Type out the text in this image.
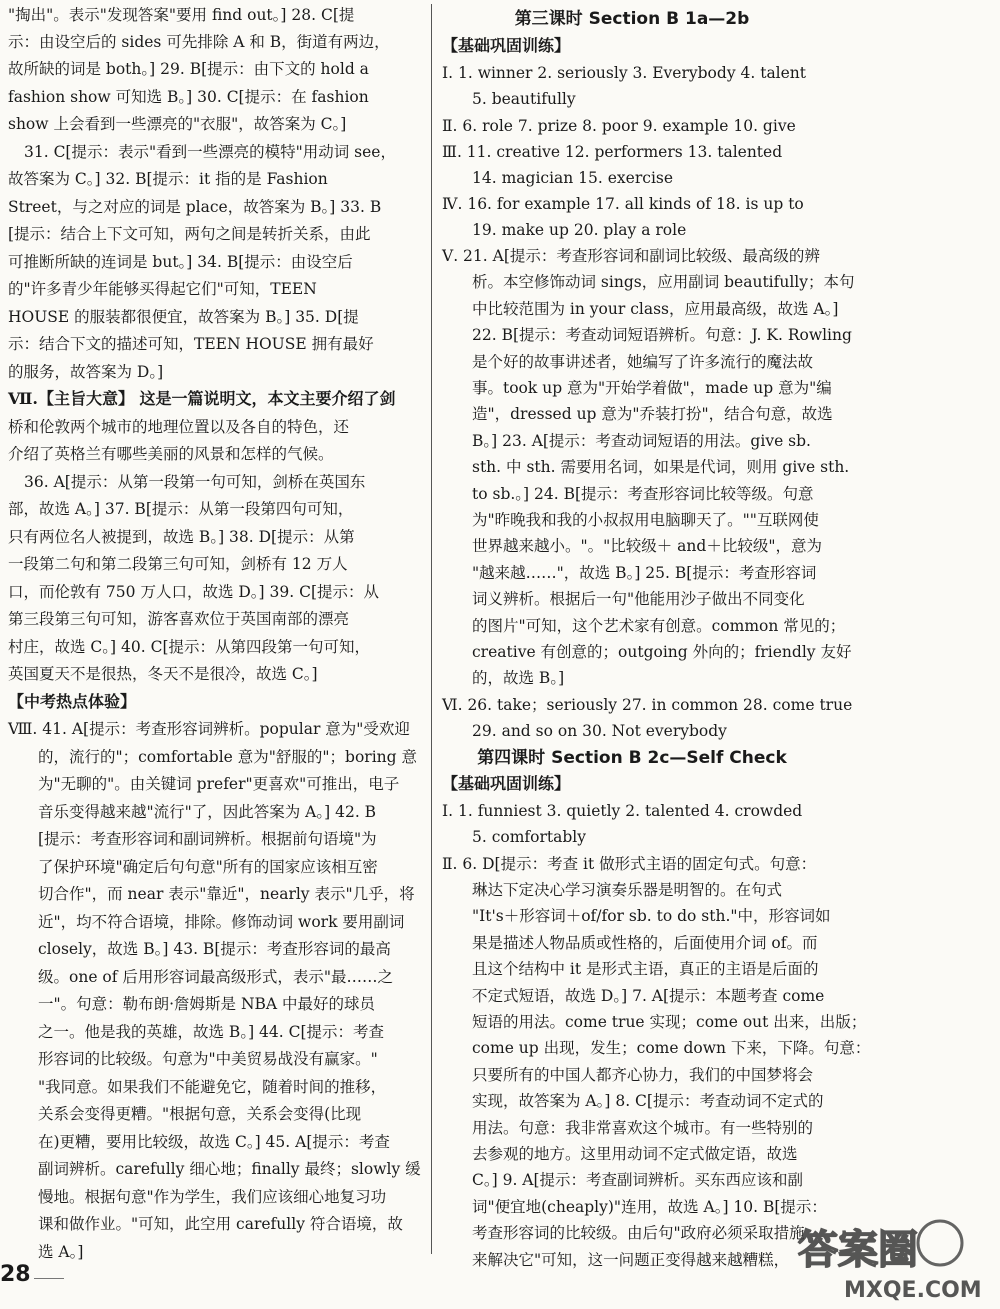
"掏出"。表示"发现答案"要用 find out。] 28. C[提
示：由设空后的 sides 可先排除 A 和 B，街道有两边，
故所缺的词是 both。] 29. B[提示：由下文的 hold a
fashion show 可知选 B。] 30. C[提示：在 fashion
show 上会看到一些漂亮的"衣服"，故答案为 C。]
31. C[提示：表示"看到一些漂亮的模特"用动词 see，
故答案为 C。] 32. B[提示：it 指的是 Fashion
Street，与之对应的词是 place，故答案为 B。] 33. B
[提示：结合上下文可知，两句之间是转折关系，由此
可推断所缺的连词是 but。] 34. B[提示：由设空后
的"许多青少年能够买得起它们"可知，TEEN
HOUSE 的服装都很便宜，故答案为 B。] 35. D[提
示：结合下文的描述可知，TEEN HOUSE 拥有最好
的服务，故答案为 D。]
Ⅶ.【主旨大意】 这是一篇说明文，本文主要介绍了剑
桥和伦敦两个城市的地理位置以及各自的特色，还
介绍了英格兰有哪些美丽的风景和怎样的气候。
36. A[提示：从第一段第一句可知，剑桥在英国东
部，故选 A。] 37. B[提示：从第一段第四句可知，
只有两位名人被提到，故选 B。] 38. D[提示：从第
一段第二句和第二段第三句可知，剑桥有 12 万人
口，而伦敦有 750 万人口，故选 D。] 39. C[提示：从
第三段第三句可知，游客喜欢位于英国南部的漂亮
村庄，故选 C。] 40. C[提示：从第四段第一句可知，
英国夏天不是很热，冬天不是很冷，故选 C。]
【中考热点体验】
Ⅷ. 41. A[提示：考查形容词辨析。popular 意为"受欢迎
的，流行的"；comfortable 意为"舒服的"；boring 意
为"无聊的"。由关键词 prefer"更喜欢"可推出，电子
音乐变得越来越"流行"了，因此答案为 A。] 42. B
[提示：考查形容词和副词辨析。根据前句语境"为
了保护环境"确定后句句意"所有的国家应该相互密
切合作"，而 near 表示"靠近"，nearly 表示"几乎，将
近"，均不符合语境，排除。修饰动词 work 要用副词
closely，故选 B。] 43. B[提示：考查形容词的最高
级。one of 后用形容词最高级形式，表示"最……之
一"。句意：勒布朗·詹姆斯是 NBA 中最好的球员
之一。他是我的英雄，故选 B。] 44. C[提示：考查
形容词的比较级。句意为"中美贸易战没有赢家。"
"我同意。如果我们不能避免它，随着时间的推移，
关系会变得更糟。"根据句意，关系会变得(比现
在)更糟，要用比较级，故选 C。] 45. A[提示：考查
副词辨析。carefully 细心地；finally 最终；slowly 缓
慢地。根据句意"作为学生，我们应该细心地复习功
课和做作业。"可知，此空用 carefully 符合语境，故
选 A。]
第三课时 Section B 1a—2b
【基础巩固训练】
Ⅰ. 1. winner 2. seriously 3. Everybody 4. talent
5. beautifully
Ⅱ. 6. role 7. prize 8. poor 9. example 10. give
Ⅲ. 11. creative 12. performers 13. talented
14. magician 15. exercise
Ⅳ. 16. for example 17. all kinds of 18. is up to
19. make up 20. play a role
Ⅴ. 21. A[提示：考查形容词和副词比较级、最高级的辨
析。本空修饰动词 sings，应用副词 beautifully；本句
中比较范围为 in your class，应用最高级，故选 A。]
22. B[提示：考查动词短语辨析。句意：J. K. Rowling
是个好的故事讲述者，她编写了许多流行的魔法故
事。took up 意为"开始学着做"，made up 意为"编
造"，dressed up 意为"乔装打扮"，结合句意，故选
B。] 23. A[提示：考查动词短语的用法。give sb.
sth. 中 sth. 需要用名词，如果是代词，则用 give sth.
to sb.。] 24. B[提示：考查形容词比较等级。句意
为"昨晚我和我的小叔叔用电脑聊天了。""互联网使
世界越来越小。"。"比较级＋ and＋比较级"，意为
"越来越……"，故选 B。] 25. B[提示：考查形容词
词义辨析。根据后一句"他能用沙子做出不同变化
的图片"可知，这个艺术家有创意。common 常见的；
creative 有创意的；outgoing 外向的；friendly 友好
的，故选 B。]
Ⅵ. 26. take；seriously 27. in common 28. come true
29. and so on 30. Not everybody
第四课时 Section B 2c—Self Check
【基础巩固训练】
Ⅰ. 1. funniest 3. quietly 2. talented 4. crowded
5. comfortably
Ⅱ. 6. D[提示：考查 it 做形式主语的固定句式。句意：
琳达下定决心学习演奏乐器是明智的。在句式
"It's＋形容词＋of/for sb. to do sth."中，形容词如
果是描述人物品质或性格的，后面使用介词 of。而
且这个结构中 it 是形式主语，真正的主语是后面的
不定式短语，故选 D。] 7. A[提示：本题考查 come
短语的用法。come true 实现；come out 出来，出版；
come up 出现，发生；come down 下来，下降。句意：
只要所有的中国人都齐心协力，我们的中国梦将会
实现，故答案为 A。] 8. C[提示：考查动词不定式的
用法。句意：我非常喜欢这个城市。有一些特别的
去参观的地方。这里用动词不定式做定语，故选
C。] 9. A[提示：考查副词辨析。买东西应该和副
词"便宜地(cheaply)"连用，故选 A。] 10. B[提示：
考查形容词的比较级。由后句"政府必须采取措施
来解决它"可知，这一问题正变得越来越糟糕，
28
答案圈
MXQE.COM
